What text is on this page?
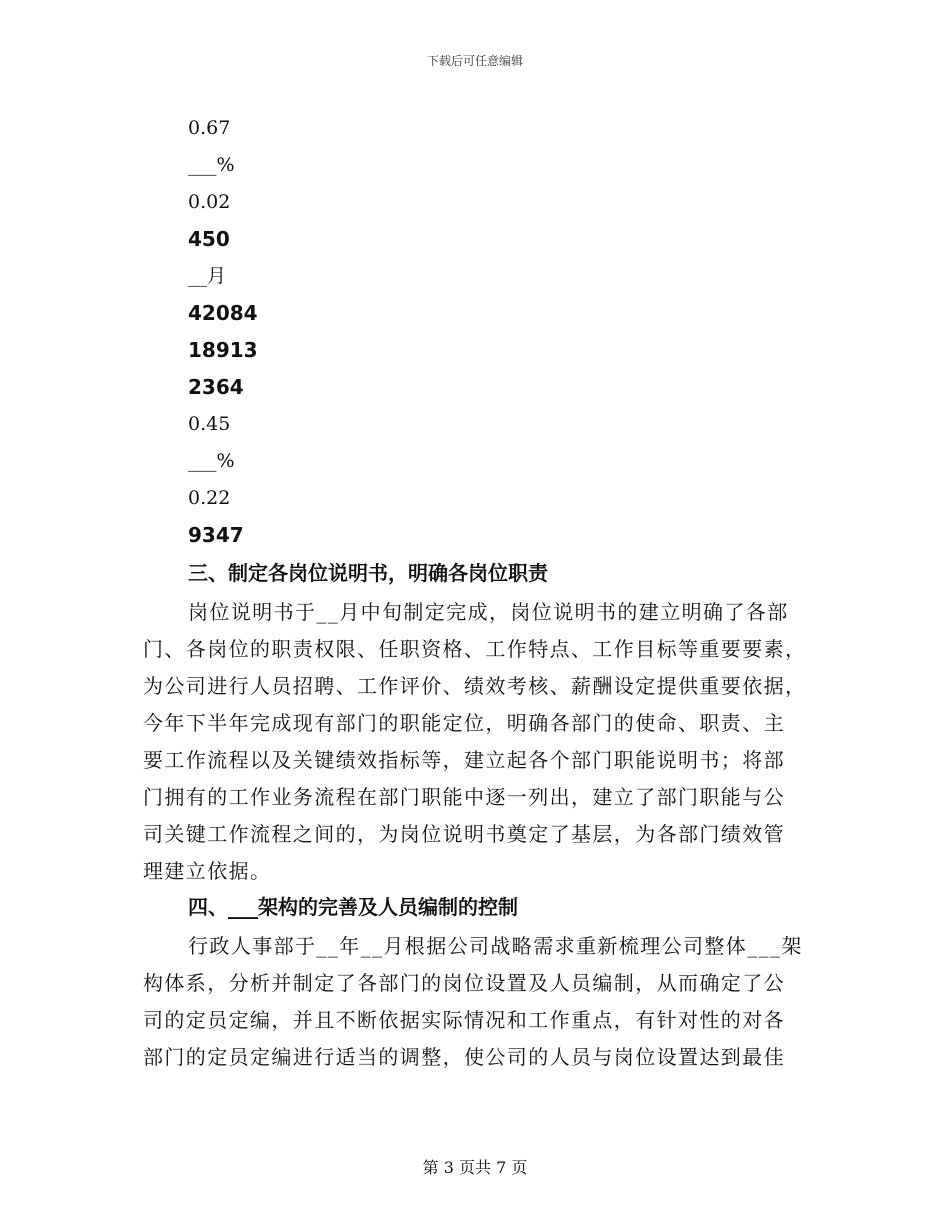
下载后可任意编辑
0.67
___%
0.02
450
__月
42084
18913
2364
0.45
___%
0.22
9347
三、制定各岗位说明书，明确各岗位职责
岗位说明书于__月中旬制定完成，岗位说明书的建立明确了各部
门、各岗位的职责权限、任职资格、工作特点、工作目标等重要要素，
为公司进行人员招聘、工作评价、绩效考核、薪酬设定提供重要依据，
今年下半年完成现有部门的职能定位，明确各部门的使命、职责、主
要工作流程以及关键绩效指标等，建立起各个部门职能说明书；将部
门拥有的工作业务流程在部门职能中逐一列出，建立了部门职能与公
司关键工作流程之间的，为岗位说明书奠定了基层，为各部门绩效管
理建立依据。
四、___架构的完善及人员编制的控制
行政人事部于__年__月根据公司战略需求重新梳理公司整体___架
构体系，分析并制定了各部门的岗位设置及人员编制，从而确定了公
司的定员定编，并且不断依据实际情况和工作重点，有针对性的对各
部门的定员定编进行适当的调整，使公司的人员与岗位设置达到最佳
第 3 页共 7 页
